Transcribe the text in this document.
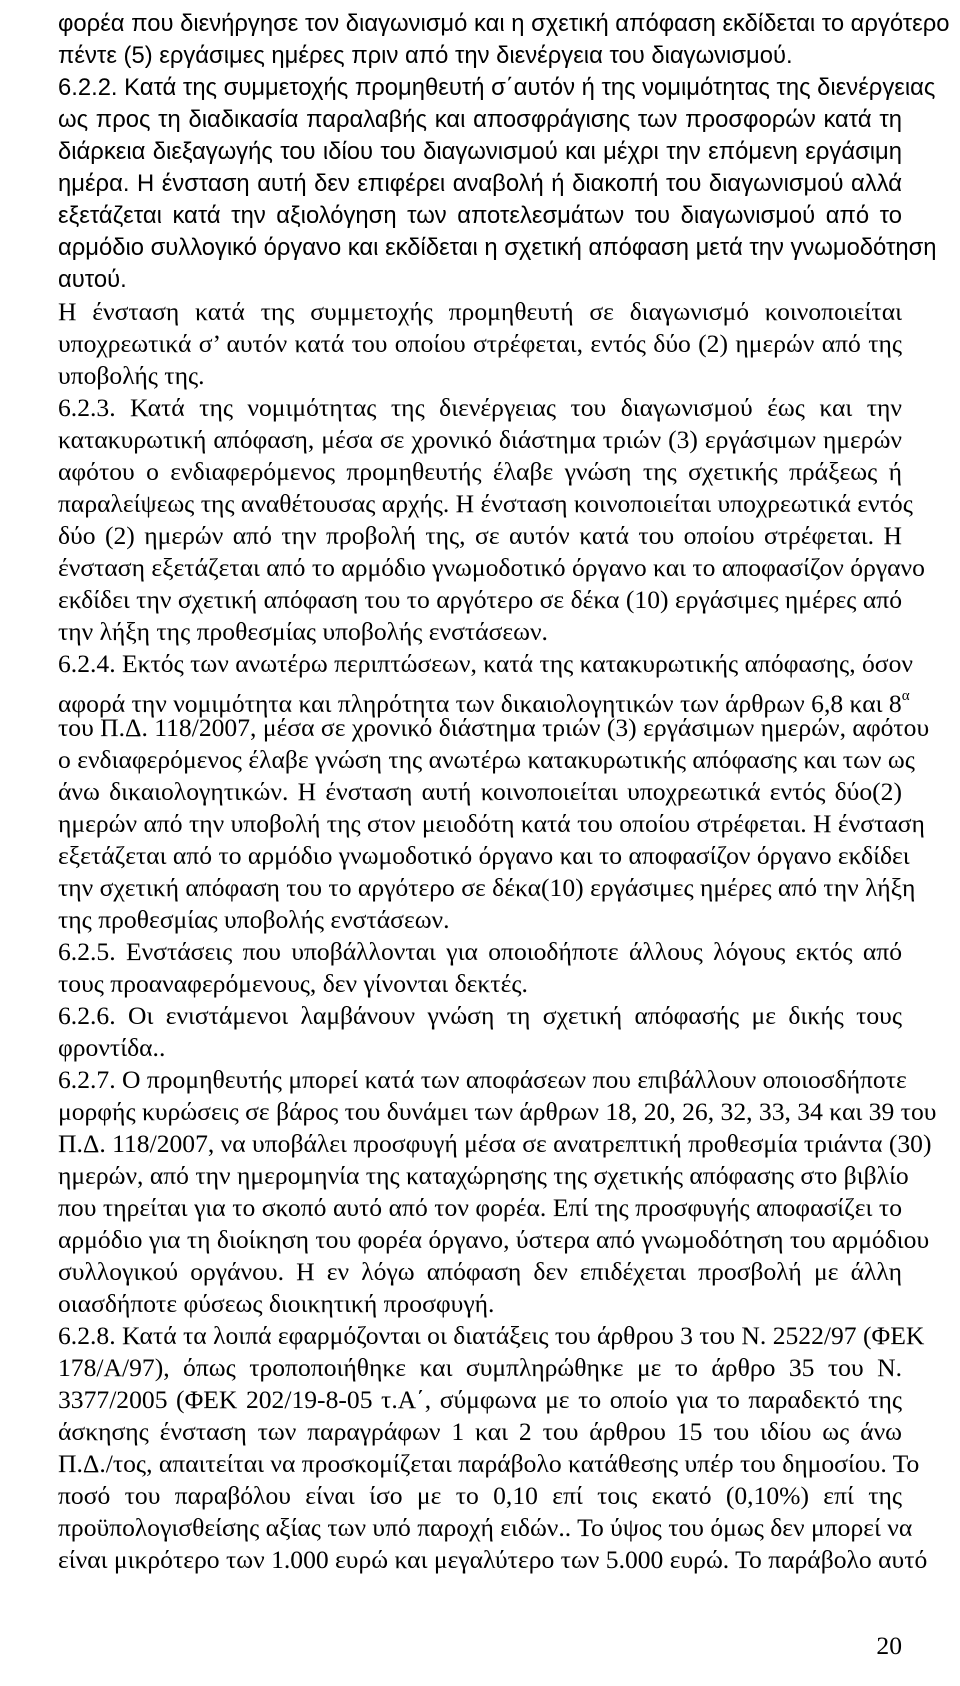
φορέα που διενήργησε τον διαγωνισμό και η σχετική απόφαση εκδίδεται το αργότερο
πέντε (5) εργάσιμες ημέρες πριν από την διενέργεια του διαγωνισμού.
6.2.2. Κατά της συμμετοχής προμηθευτή σ΄αυτόν ή της νομιμότητας της διενέργειας
ως προς τη διαδικασία παραλαβής και αποσφράγισης των προσφορών κατά τη
διάρκεια διεξαγωγής του ιδίου του διαγωνισμού και μέχρι την επόμενη εργάσιμη
ημέρα. Η ένσταση αυτή δεν επιφέρει αναβολή ή διακοπή του διαγωνισμού αλλά
εξετάζεται κατά την αξιολόγηση των αποτελεσμάτων του διαγωνισμού από το
αρμόδιο συλλογικό όργανο και εκδίδεται η σχετική απόφαση μετά την γνωμοδότηση
αυτού.
Η ένσταση κατά της συμμετοχής προμηθευτή σε διαγωνισμό κοινοποιείται
υποχρεωτικά σ’ αυτόν κατά του οποίου στρέφεται, εντός δύο (2) ημερών από της
υποβολής της.
6.2.3. Κατά της νομιμότητας της διενέργειας του διαγωνισμού έως και την
κατακυρωτική απόφαση, μέσα σε χρονικό διάστημα τριών (3) εργάσιμων ημερών
αφότου ο ενδιαφερόμενος προμηθευτής έλαβε γνώση της σχετικής πράξεως ή
παραλείψεως της αναθέτουσας αρχής. Η ένσταση κοινοποιείται υποχρεωτικά εντός
δύο (2) ημερών από την προβολή της, σε αυτόν κατά του οποίου στρέφεται. Η
ένσταση εξετάζεται από το αρμόδιο γνωμοδοτικό όργανο και το αποφασίζον όργανο
εκδίδει την σχετική απόφαση του το αργότερο σε δέκα (10) εργάσιμες ημέρες από
την λήξη της προθεσμίας υποβολής ενστάσεων.
6.2.4. Εκτός των ανωτέρω περιπτώσεων, κατά της κατακυρωτικής απόφασης, όσον
αφορά την νομιμότητα και πληρότητα των δικαιολογητικών των άρθρων 6,8 και $8^\alpha$
του Π.Δ. 118/2007, μέσα σε χρονικό διάστημα τριών (3) εργάσιμων ημερών, αφότου
ο ενδιαφερόμενος έλαβε γνώση της ανωτέρω κατακυρωτικής απόφασης και των ως
άνω δικαιολογητικών. Η ένσταση αυτή κοινοποιείται υποχρεωτικά εντός δύο(2)
ημερών από την υποβολή της στον μειοδότη κατά του οποίου στρέφεται. Η ένσταση
εξετάζεται από το αρμόδιο γνωμοδοτικό όργανο και το αποφασίζον όργανο εκδίδει
την σχετική απόφαση του το αργότερο σε δέκα(10) εργάσιμες ημέρες από την λήξη
της προθεσμίας υποβολής ενστάσεων.
6.2.5. Ενστάσεις που υποβάλλονται για οποιοδήποτε άλλους λόγους εκτός από
τους προαναφερόμενους, δεν γίνονται δεκτές.
6.2.6. Οι ενιστάμενοι λαμβάνουν γνώση τη σχετική απόφασής με δικής τους
φροντίδα..
6.2.7. Ο προμηθευτής μπορεί κατά των αποφάσεων που επιβάλλουν οποιοσδήποτε
μορφής κυρώσεις σε βάρος του δυνάμει των άρθρων 18, 20, 26, 32, 33, 34 και 39 του
Π.Δ. 118/2007, να υποβάλει προσφυγή μέσα σε ανατρεπτική προθεσμία τριάντα (30)
ημερών, από την ημερομηνία της καταχώρησης της σχετικής απόφασης στο βιβλίο
που τηρείται για το σκοπό αυτό από τον φορέα. Επί της προσφυγής αποφασίζει το
αρμόδιο για τη διοίκηση του φορέα όργανο, ύστερα από γνωμοδότηση του αρμόδιου
συλλογικού οργάνου. Η εν λόγω απόφαση δεν επιδέχεται προσβολή με άλλη
οιασδήποτε φύσεως διοικητική προσφυγή.
6.2.8. Κατά τα λοιπά εφαρμόζονται οι διατάξεις του άρθρου 3 του Ν. 2522/97 (ΦΕΚ
178/Α/97), όπως τροποποιήθηκε και συμπληρώθηκε με το άρθρο 35 του Ν.
3377/2005 (ΦΕΚ 202/19-8-05 τ.Α΄, σύμφωνα με το οποίο για το παραδεκτό της
άσκησης ένσταση των παραγράφων 1 και 2 του άρθρου 15 του ιδίου ως άνω
Π.Δ./τος, απαιτείται να προσκομίζεται παράβολο κατάθεσης υπέρ του δημοσίου. Το
ποσό του παραβόλου είναι ίσο με το 0,10 επί τοις εκατό (0,10%) επί της
προϋπολογισθείσης αξίας των υπό παροχή ειδών.. Το ύψος του όμως δεν μπορεί να
είναι μικρότερο των 1.000 ευρώ και μεγαλύτερο των 5.000 ευρώ. Το παράβολο αυτό
20
